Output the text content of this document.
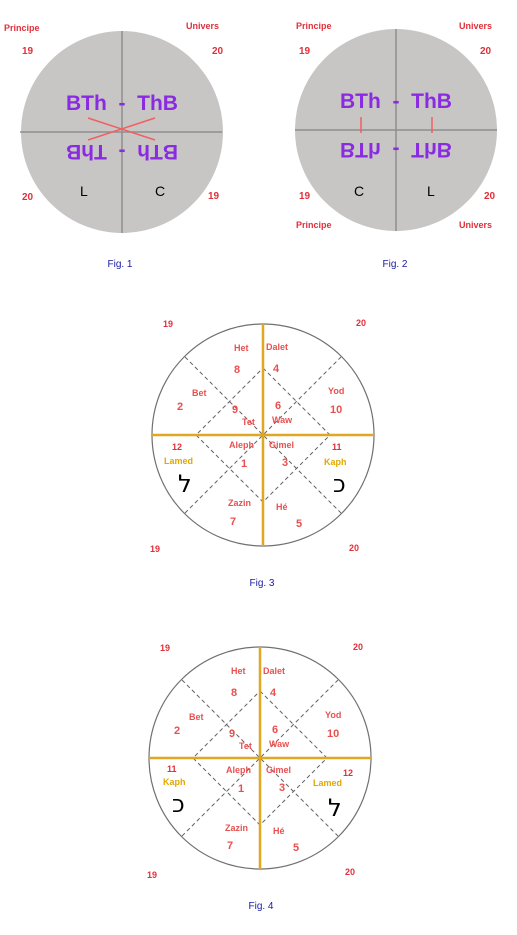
Principe	Univers
19	20
20	19
BTh  -  ThB
BTh  -  ThB
L	C
Fig. 1
Principe	Univers
Principe	Univers
19	20
19	20
BTh  -  ThB
BTh  -  ThB
C	L
Fig. 2
19	20
19	20
Het
8
Dalet
4
Bet
2	9
Tet
6
Waw
Yod
10
Aleph
1
Gimel
3
Zazin
7
Hé
5
12
Lamed
ל
11
Kaph
כ
Fig. 3
19	20
19	20
Het
8
Dalet
4
Bet
2	9
Tet
6
Waw
Yod
10
Aleph
1
Gimel
3
Zazin
7
Hé
5
11
Kaph
כ
12
Lamed
ל
Fig. 4
